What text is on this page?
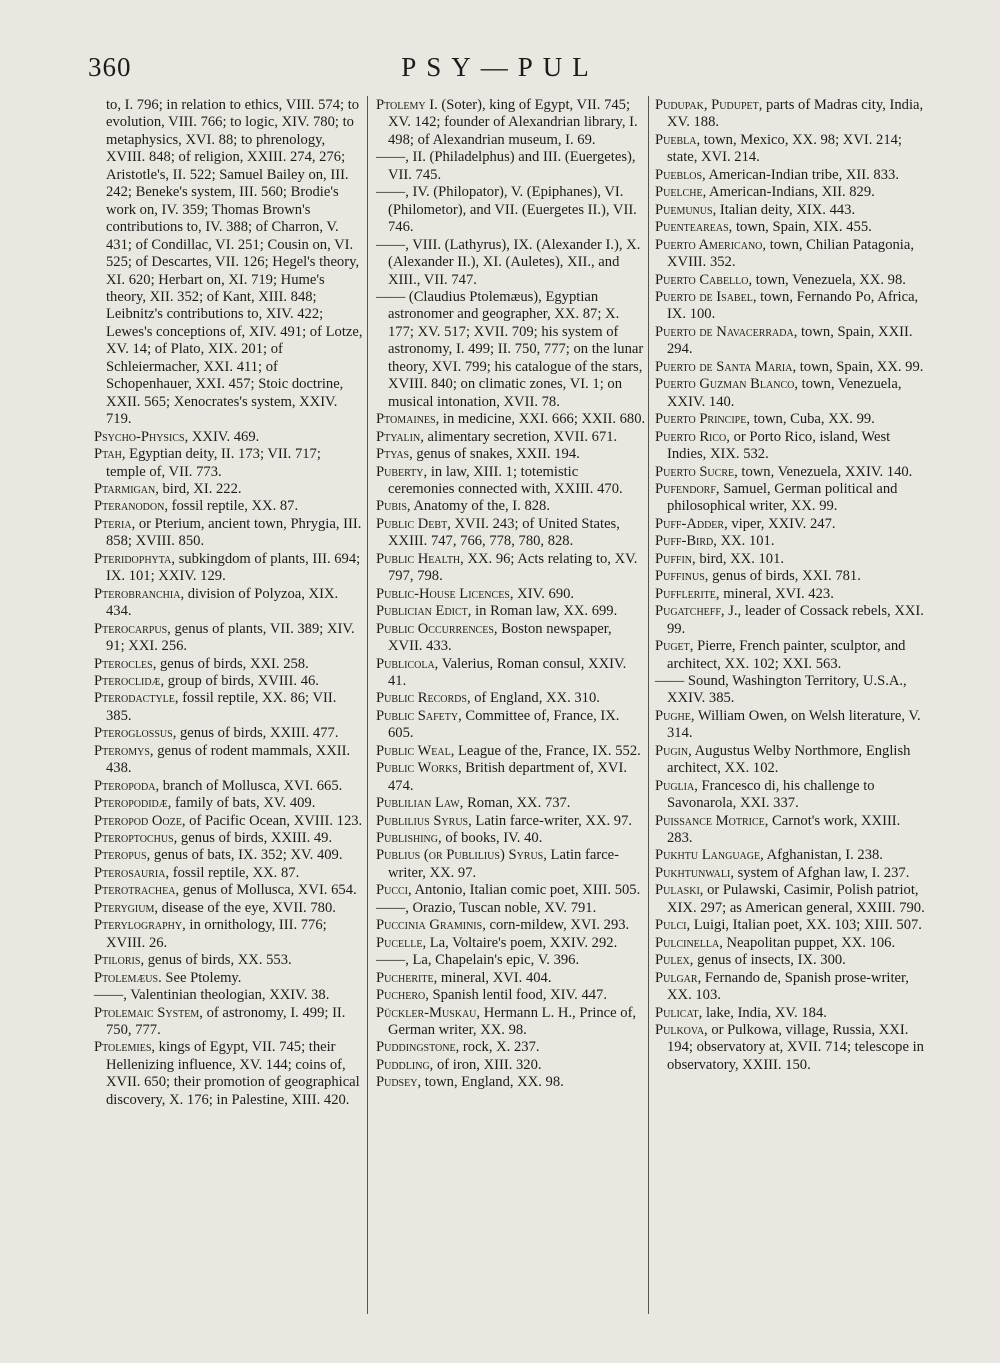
360	PSY—PUL

to, I. 796; in relation to ethics, VIII. 574; to evolution, VIII. 766; to logic, XIV. 780; to metaphysics, XVI. 88; to phrenology, XVIII. 848; of religion, XXIII. 274, 276; Aristotle's, II. 522; Samuel Bailey on, III. 242; Beneke's system, III. 560; Brodie's work on, IV. 359; Thomas Brown's contributions to, IV. 388; of Charron, V. 431; of Condillac, VI. 251; Cousin on, VI. 525; of Descartes, VII. 126; Hegel's theory, XI. 620; Herbart on, XI. 719; Hume's theory, XII. 352; of Kant, XIII. 848; Leibnitz's contributions to, XIV. 422; Lewes's conceptions of, XIV. 491; of Lotze, XV. 14; of Plato, XIX. 201; of Schleiermacher, XXI. 411; of Schopenhauer, XXI. 457; Stoic doctrine, XXII. 565; Xenocrates's system, XXIV. 719.

Psycho-Physics, XXIV. 469.

Ptah, Egyptian deity, II. 173; VII. 717; temple of, VII. 773.

Ptarmigan, bird, XI. 222.

Pteranodon, fossil reptile, XX. 87.

Pteria, or Pterium, ancient town, Phrygia, III. 858; XVIII. 850.

Pteridophyta, subkingdom of plants, III. 694; IX. 101; XXIV. 129.

Pterobranchia, division of Polyzoa, XIX. 434.

Pterocarpus, genus of plants, VII. 389; XIV. 91; XXI. 256.

Pterocles, genus of birds, XXI. 258.

Pteroclidæ, group of birds, XVIII. 46.

Pterodactyle, fossil reptile, XX. 86; VII. 385.

Pteroglossus, genus of birds, XXIII. 477.

Pteromys, genus of rodent mammals, XXII. 438.

Pteropoda, branch of Mollusca, XVI. 665.

Pteropodidæ, family of bats, XV. 409.

Pteropod Ooze, of Pacific Ocean, XVIII. 123.

Pteroptochus, genus of birds, XXIII. 49.

Pteropus, genus of bats, IX. 352; XV. 409.

Pterosauria, fossil reptile, XX. 87.

Pterotrachea, genus of Mollusca, XVI. 654.

Pterygium, disease of the eye, XVII. 780.

Pterylography, in ornithology, III. 776; XVIII. 26.

Ptiloris, genus of birds, XX. 553.

Ptolemæus. See Ptolemy.

——, Valentinian theologian, XXIV. 38.

Ptolemaic System, of astronomy, I. 499; II. 750, 777.

Ptolemies, kings of Egypt, VII. 745; their Hellenizing influence, XV. 144; coins of, XVII. 650; their promotion of geographical discovery, X. 176; in Palestine, XIII. 420.

Ptolemy I. (Soter), king of Egypt, VII. 745; XV. 142; founder of Alexandrian library, I. 498; of Alexandrian museum, I. 69.

——, II. (Philadelphus) and III. (Euergetes), VII. 745.

——, IV. (Philopator), V. (Epiphanes), VI. (Philometor), and VII. (Euergetes II.), VII. 746.

——, VIII. (Lathyrus), IX. (Alexander I.), X. (Alexander II.), XI. (Auletes), XII., and XIII., VII. 747.

—— (Claudius Ptolemæus), Egyptian astronomer and geographer, XX. 87; X. 177; XV. 517; XVII. 709; his system of astronomy, I. 499; II. 750, 777; on the lunar theory, XVI. 799; his catalogue of the stars, XVIII. 840; on climatic zones, VI. 1; on musical intonation, XVII. 78.

Ptomaines, in medicine, XXI. 666; XXII. 680.

Ptyalin, alimentary secretion, XVII. 671.

Ptyas, genus of snakes, XXII. 194.

Puberty, in law, XIII. 1; totemistic ceremonies connected with, XXIII. 470.

Pubis, Anatomy of the, I. 828.

Public Debt, XVII. 243; of United States, XXIII. 747, 766, 778, 780, 828.

Public Health, XX. 96; Acts relating to, XV. 797, 798.

Public-House Licences, XIV. 690.

Publician Edict, in Roman law, XX. 699.

Public Occurrences, Boston newspaper, XVII. 433.

Publicola, Valerius, Roman consul, XXIV. 41.

Public Records, of England, XX. 310.

Public Safety, Committee of, France, IX. 605.

Public Weal, League of the, France, IX. 552.

Public Works, British department of, XVI. 474.

Publilian Law, Roman, XX. 737.

Publilius Syrus, Latin farce-writer, XX. 97.

Publishing, of books, IV. 40.

Publius (or Publilius) Syrus, Latin farce-writer, XX. 97.

Pucci, Antonio, Italian comic poet, XIII. 505.

——, Orazio, Tuscan noble, XV. 791.

Puccinia Graminis, corn-mildew, XVI. 293.

Pucelle, La, Voltaire's poem, XXIV. 292.

——, La, Chapelain's epic, V. 396.

Pucherite, mineral, XVI. 404.

Puchero, Spanish lentil food, XIV. 447.

Pückler-Muskau, Hermann L. H., Prince of, German writer, XX. 98.

Puddingstone, rock, X. 237.

Puddling, of iron, XIII. 320.

Pudsey, town, England, XX. 98.

Pudupak, Pudupet, parts of Madras city, India, XV. 188.

Puebla, town, Mexico, XX. 98; XVI. 214; state, XVI. 214.

Pueblos, American-Indian tribe, XII. 833.

Puelche, American-Indians, XII. 829.

Puemunus, Italian deity, XIX. 443.

Puenteareas, town, Spain, XIX. 455.

Puerto Americano, town, Chilian Patagonia, XVIII. 352.

Puerto Cabello, town, Venezuela, XX. 98.

Puerto de Isabel, town, Fernando Po, Africa, IX. 100.

Puerto de Navacerrada, town, Spain, XXII. 294.

Puerto de Santa Maria, town, Spain, XX. 99.

Puerto Guzman Blanco, town, Venezuela, XXIV. 140.

Puerto Principe, town, Cuba, XX. 99.

Puerto Rico, or Porto Rico, island, West Indies, XIX. 532.

Puerto Sucre, town, Venezuela, XXIV. 140.

Pufendorf, Samuel, German political and philosophical writer, XX. 99.

Puff-Adder, viper, XXIV. 247.

Puff-Bird, XX. 101.

Puffin, bird, XX. 101.

Puffinus, genus of birds, XXI. 781.

Pufflerite, mineral, XVI. 423.

Pugatcheff, J., leader of Cossack rebels, XXI. 99.

Puget, Pierre, French painter, sculptor, and architect, XX. 102; XXI. 563.

—— Sound, Washington Territory, U.S.A., XXIV. 385.

Pughe, William Owen, on Welsh literature, V. 314.

Pugin, Augustus Welby Northmore, English architect, XX. 102.

Puglia, Francesco di, his challenge to Savonarola, XXI. 337.

Puissance Motrice, Carnot's work, XXIII. 283.

Pukhtu Language, Afghanistan, I. 238.

Pukhtunwali, system of Afghan law, I. 237.

Pulaski, or Pulawski, Casimir, Polish patriot, XIX. 297; as American general, XXIII. 790.

Pulci, Luigi, Italian poet, XX. 103; XIII. 507.

Pulcinella, Neapolitan puppet, XX. 106.

Pulex, genus of insects, IX. 300.

Pulgar, Fernando de, Spanish prose-writer, XX. 103.

Pulicat, lake, India, XV. 184.

Pulkova, or Pulkowa, village, Russia, XXI. 194; observatory at, XVII. 714; telescope in observatory, XXIII. 150.
